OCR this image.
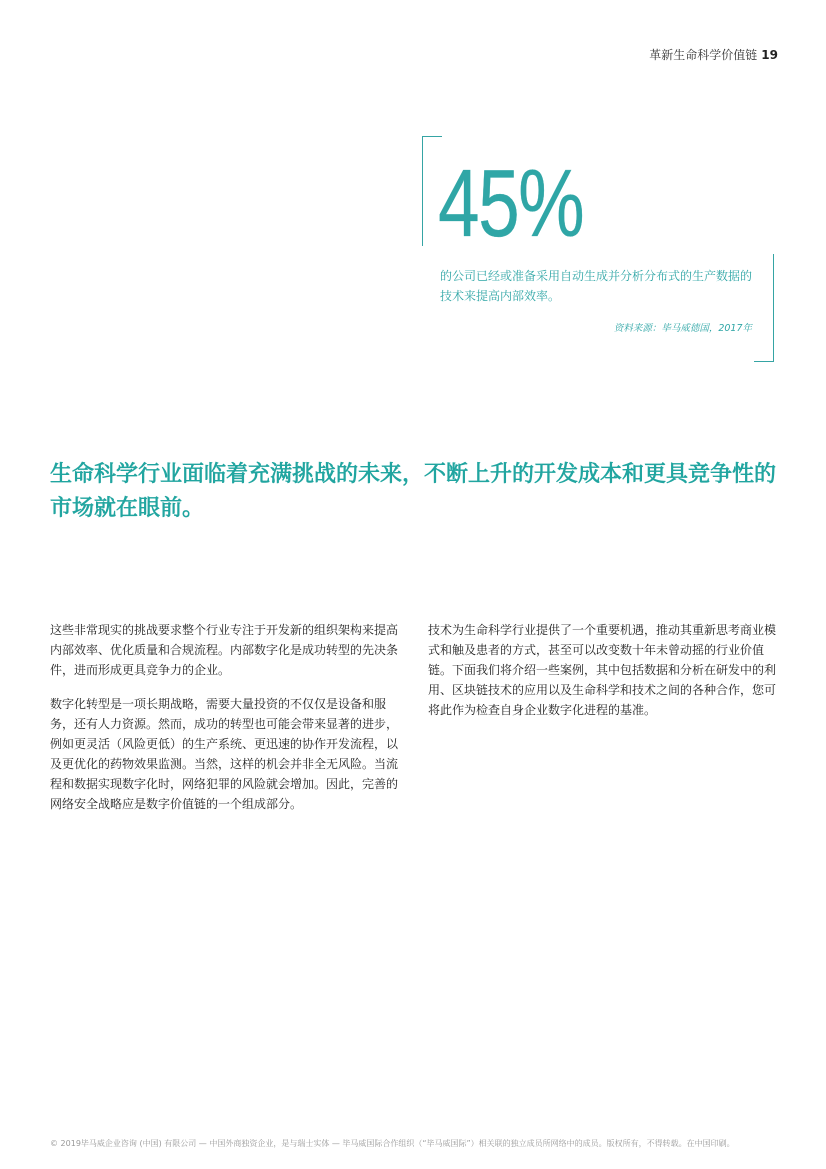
革新生命科学价值链 19
45%
的公司已经或准备采用自动生成并分析分布式的生产数据的技术来提高内部效率。
资料来源：毕马威德国，2017年
生命科学行业面临着充满挑战的未来，不断上升的开发成本和更具竞争性的市场就在眼前。

这些非常现实的挑战要求整个行业专注于开发新的组织架构来提高内部效率、优化质量和合规流程。内部数字化是成功转型的先决条件，进而形成更具竞争力的企业。

数字化转型是一项长期战略，需要大量投资的不仅仅是设备和服务，还有人力资源。然而，成功的转型也可能会带来显著的进步，例如更灵活（风险更低）的生产系统、更迅速的协作开发流程，以及更优化的药物效果监测。当然，这样的机会并非全无风险。当流程和数据实现数字化时，网络犯罪的风险就会增加。因此，完善的网络安全战略应是数字价值链的一个组成部分。

技术为生命科学行业提供了一个重要机遇，推动其重新思考商业模式和触及患者的方式，甚至可以改变数十年未曾动摇的行业价值链。下面我们将介绍一些案例，其中包括数据和分析在研发中的利用、区块链技术的应用以及生命科学和技术之间的各种合作，您可将此作为检查自身企业数字化进程的基准。

© 2019毕马威企业咨询 (中国) 有限公司 — 中国外商独资企业，是与瑞士实体 — 毕马威国际合作组织（“毕马威国际”）相关联的独立成员所网络中的成员。版权所有，不得转载。在中国印刷。
